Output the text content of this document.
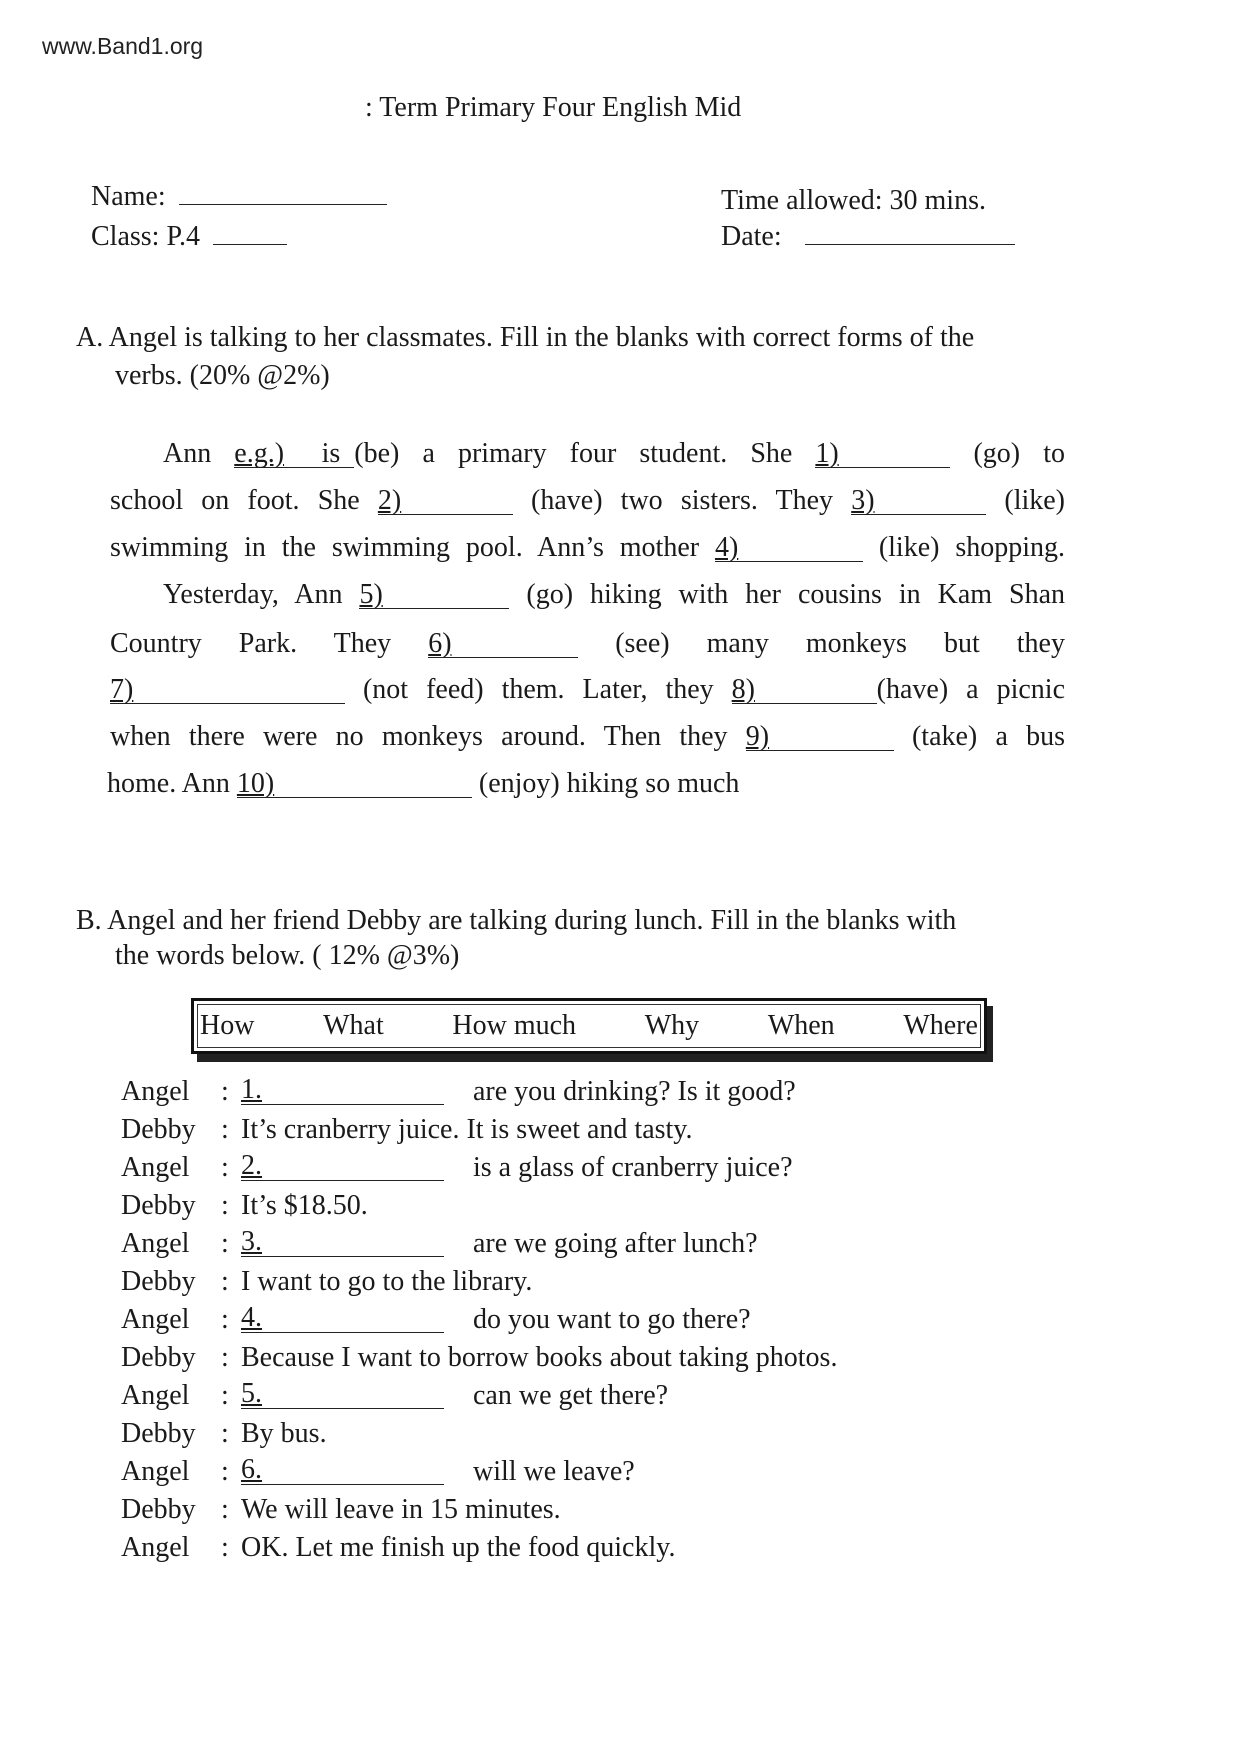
www.Band1.org
: Term Primary Four English Mid
Name:
Class: P.4
Time allowed: 30 mins.
Date:
A. Angel is talking to her classmates. Fill in the blanks with correct forms of the
verbs. (20% @2%)
Ann e.g.)   is  (be) a primary four student. She 1)	(go) to
school on foot. She 2)	(have) two sisters. They 3)	(like)
swimming in the swimming pool. Ann’s mother 4)	(like) shopping.
Yesterday, Ann 5)	(go) hiking with her cousins in Kam Shan
Country Park. They 6)	(see) many monkeys but they
7)	(not feed) them. Later, they 8)	(have) a picnic
when there were no monkeys around. Then they 9)	(take) a bus
home. Ann 10)	(enjoy) hiking so much
B. Angel and her friend Debby are talking during lunch. Fill in the blanks with
the words below. ( 12% @3%)
How What How much Why When Where
Angel	: 1.	are you drinking? Is it good?
Debby : It’s cranberry juice. It is sweet and tasty.
Angel	: 2.	is a glass of cranberry juice?
Debby : It’s $18.50.
Angel	: 3.	are we going after lunch?
Debby : I want to go to the library.
Angel	: 4.	do you want to go there?
Debby : Because I want to borrow books about taking photos.
Angel	: 5.	can we get there?
Debby : By bus.
Angel	: 6.	will we leave?
Debby : We will leave in 15 minutes.
Angel	: OK. Let me finish up the food quickly.
